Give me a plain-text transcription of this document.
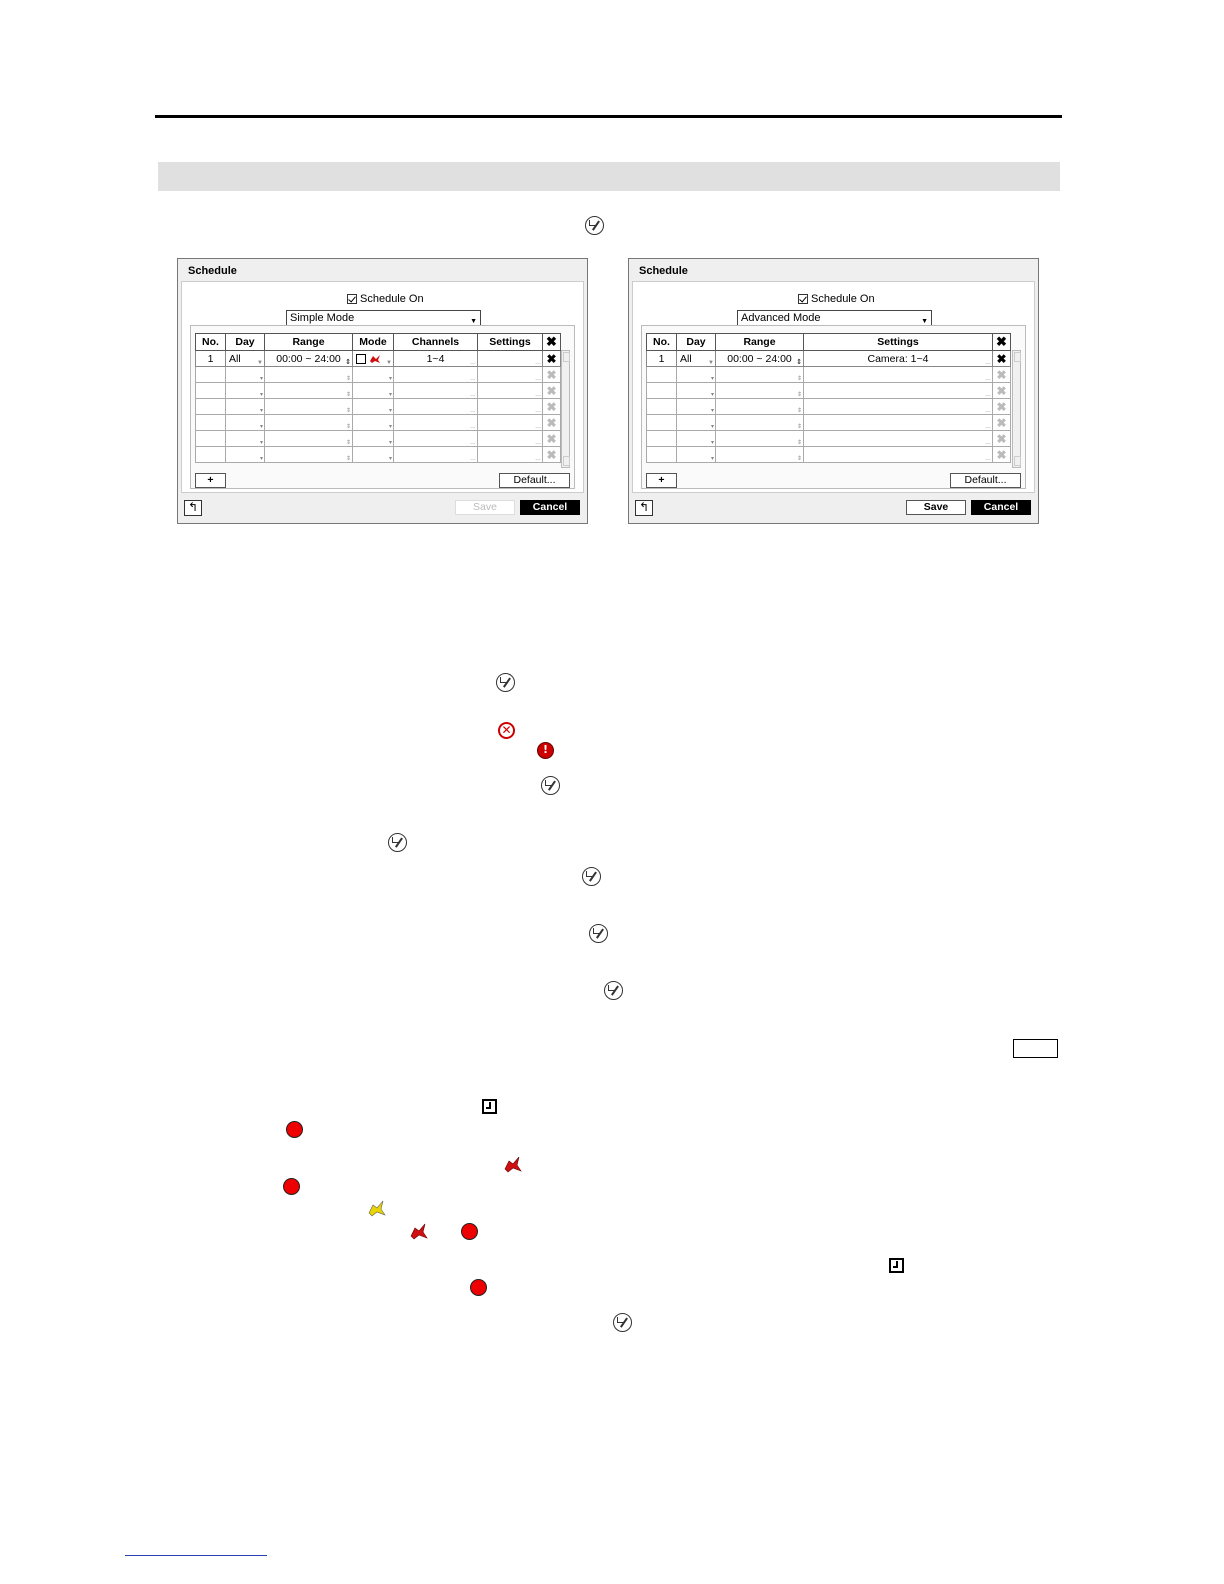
Schedule
Schedule On
Simple Mode	▼
No.	Day	Range	Mode	Channels	Settings	✖
1	All ▼	00:00 ~ 24:00 ⇕	▼	1~4 …	…	✖

	▾	⇕	▾	…	…	✖

	▾	⇕	▾	…	…	✖

	▾	⇕	▾	…	…	✖

	▾	⇕	▾	…	…	✖

	▾	⇕	▾	…	…	✖

	▾	⇕	▾	…	…	✖
+	Default...
↰	Save	Cancel
Schedule
Schedule On
Advanced Mode	▼
No.	Day	Range	Settings	✖
1	All ▼	00:00 ~ 24:00 ⇕	Camera: 1~4 …	✖

	▾	⇕	…	✖

	▾	⇕	…	✖

	▾	⇕	…	✖

	▾	⇕	…	✖

	▾	⇕	…	✖

	▾	⇕	…	✖
+	Default...
↰	Save	Cancel
✕
!
